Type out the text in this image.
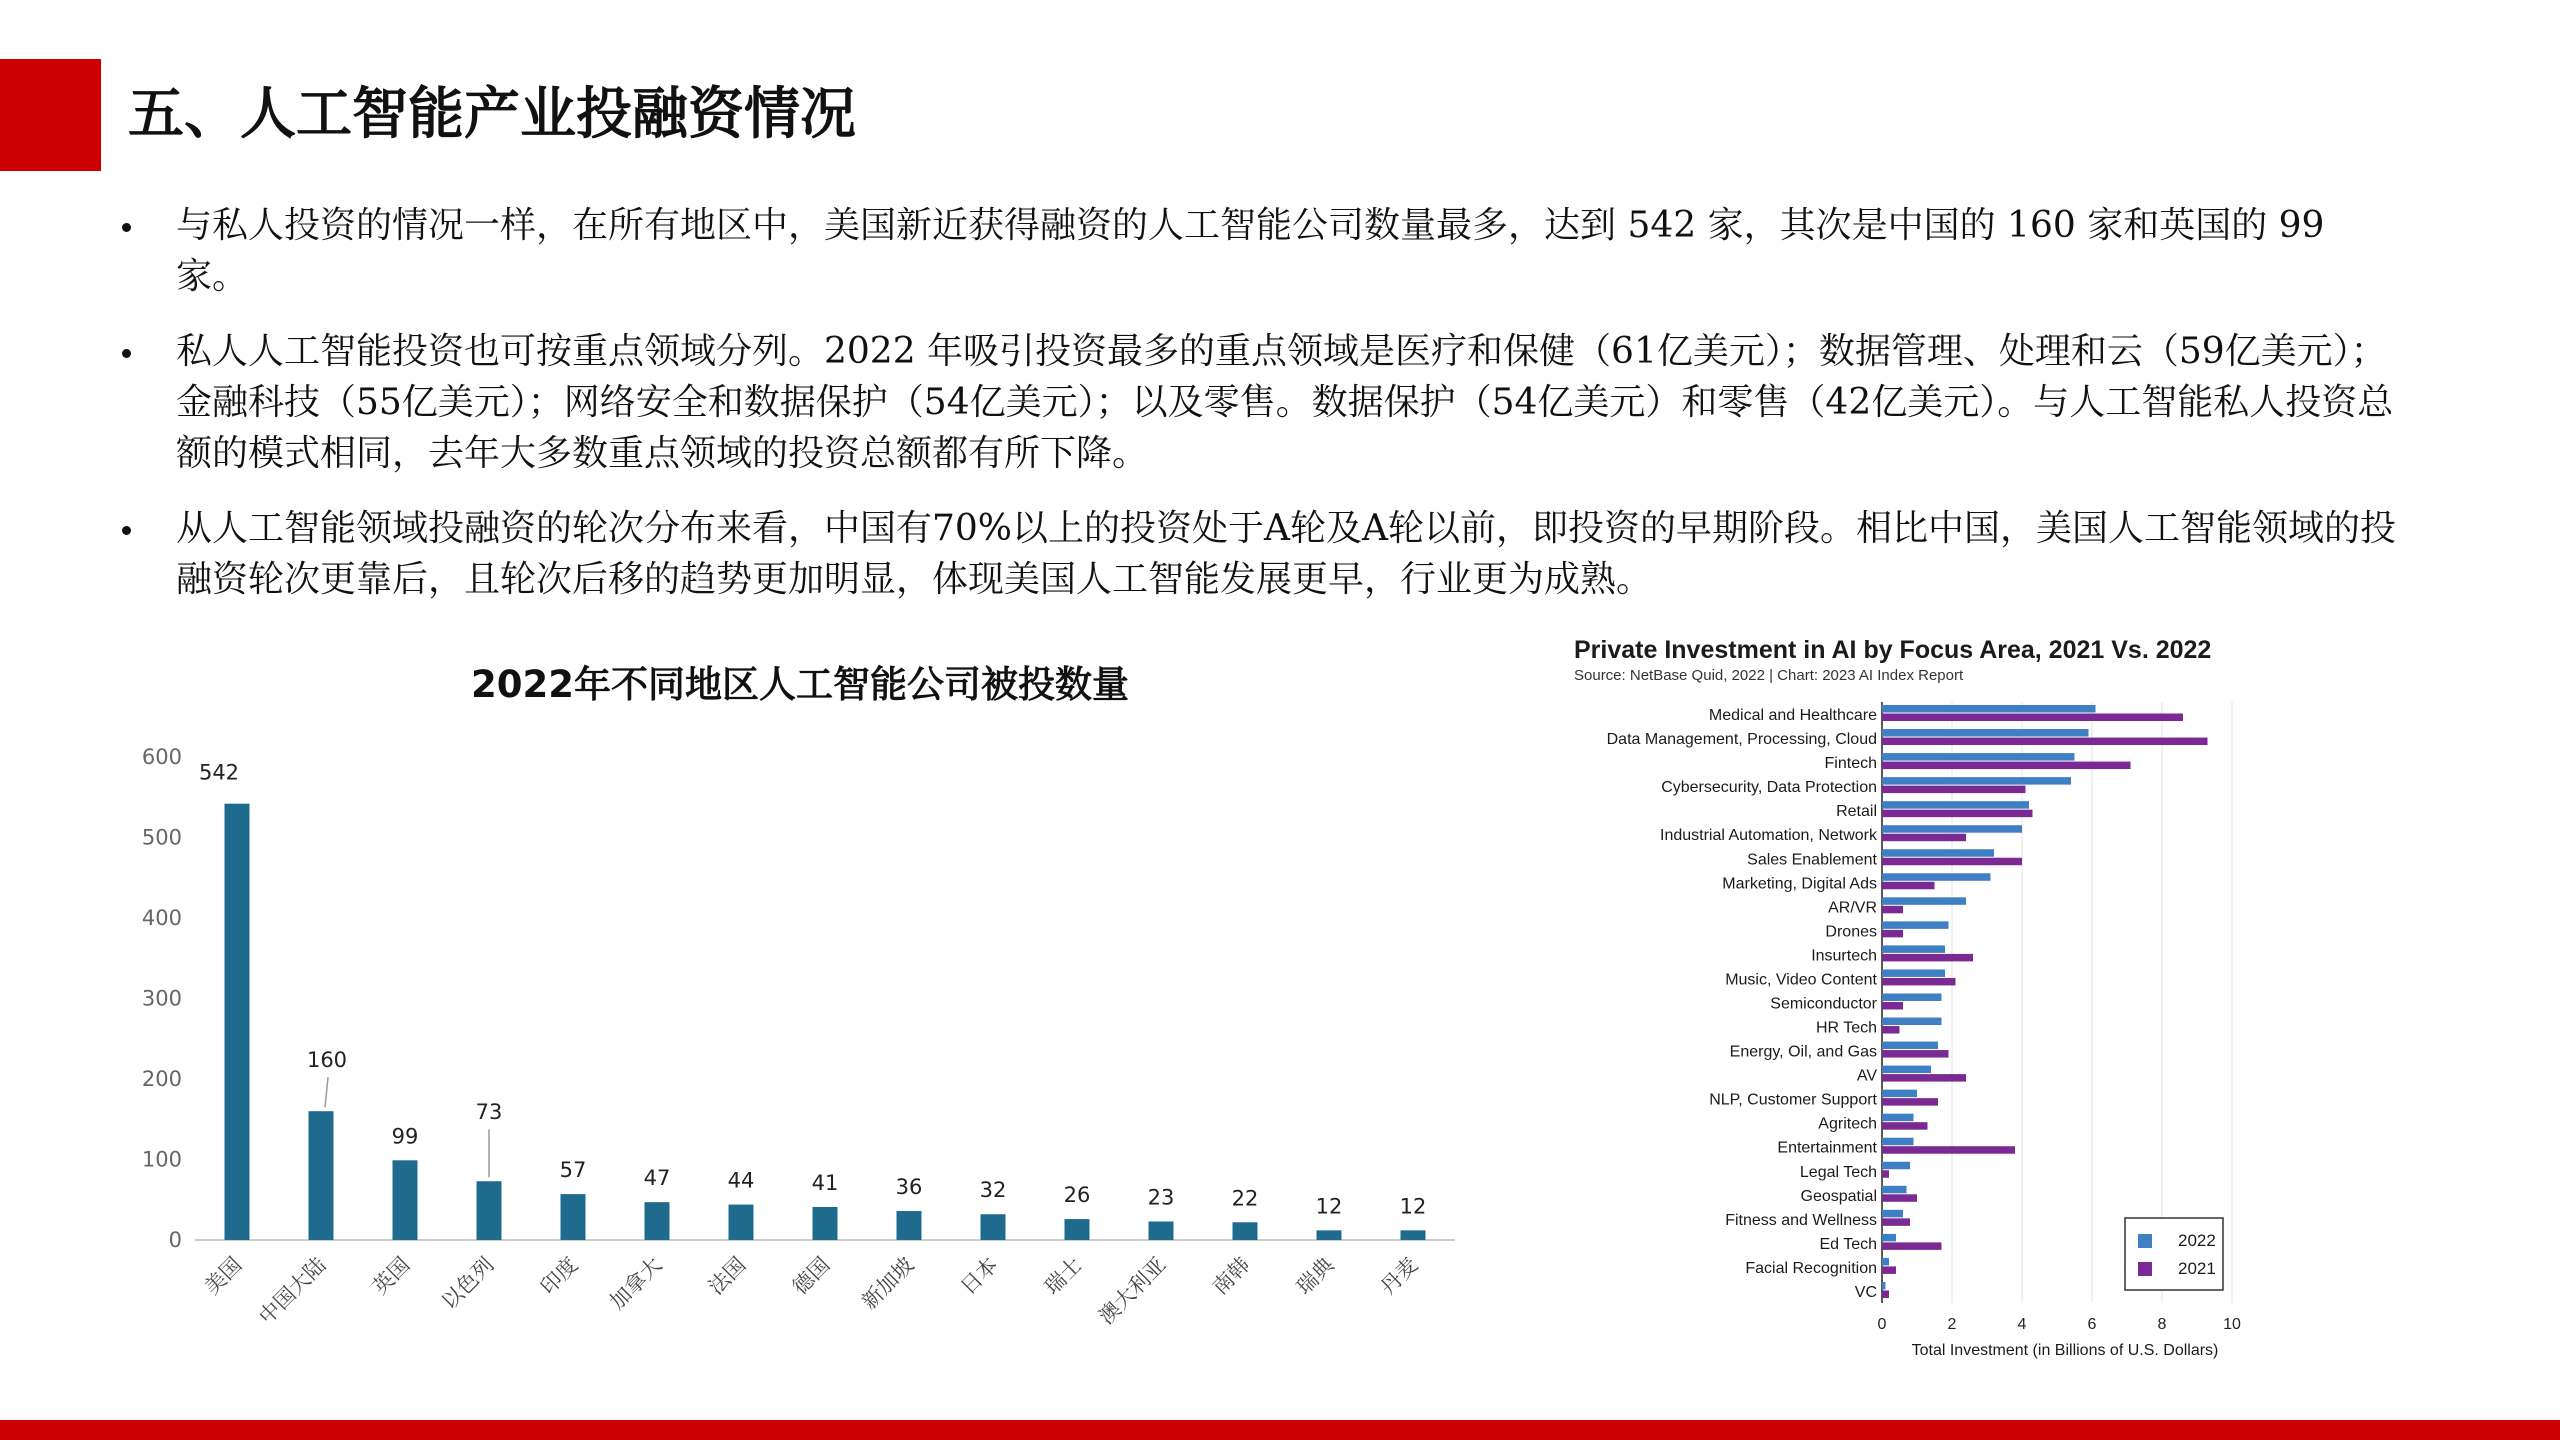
五、人工智能产业投融资情况
与私人投资的情况一样，在所有地区中，美国新近获得融资的人工智能公司数量最多，达到 542 家，其次是中国的 160 家和英国的 99 家。
私人人工智能投资也可按重点领域分列。2022 年吸引投资最多的重点领域是医疗和保健（61亿美元）；数据管理、处理和云（59亿美元）；金融科技（55亿美元）；网络安全和数据保护（54亿美元）；以及零售。数据保护（54亿美元）和零售（42亿美元）。与人工智能私人投资总额的模式相同，去年大多数重点领域的投资总额都有所下降。
从人工智能领域投融资的轮次分布来看，中国有70%以上的投资处于A轮及A轮以前，即投资的早期阶段。相比中国，美国人工智能领域的投融资轮次更靠后，且轮次后移的趋势更加明显，体现美国人工智能发展更早，行业更为成熟。
2022年不同地区人工智能公司被投数量
0
100
200
300
400
500
600
542
美国
160
中国大陆
99
英国
73
以色列
57
印度
47
加拿大
44
法国
41
德国
36
新加坡
32
日本
26
瑞士
23
澳大利亚
22
南韩
12
瑞典
12
丹麦
Private Investment in AI by Focus Area, 2021 Vs. 2022
Source: NetBase Quid, 2022 | Chart: 2023 AI Index Report
0	2	4	6	8	10
Medical and Healthcare
Data Management, Processing, Cloud
Fintech
Cybersecurity, Data Protection
Retail
Industrial Automation, Network
Sales Enablement
Marketing, Digital Ads
AR/VR
Drones
Insurtech
Music, Video Content
Semiconductor
HR Tech
Energy, Oil, and Gas
AV
NLP, Customer Support
Agritech
Entertainment
Legal Tech
Geospatial
Fitness and Wellness
Ed Tech
Facial Recognition
VC
Total Investment (in Billions of U.S. Dollars)
2022
2021
